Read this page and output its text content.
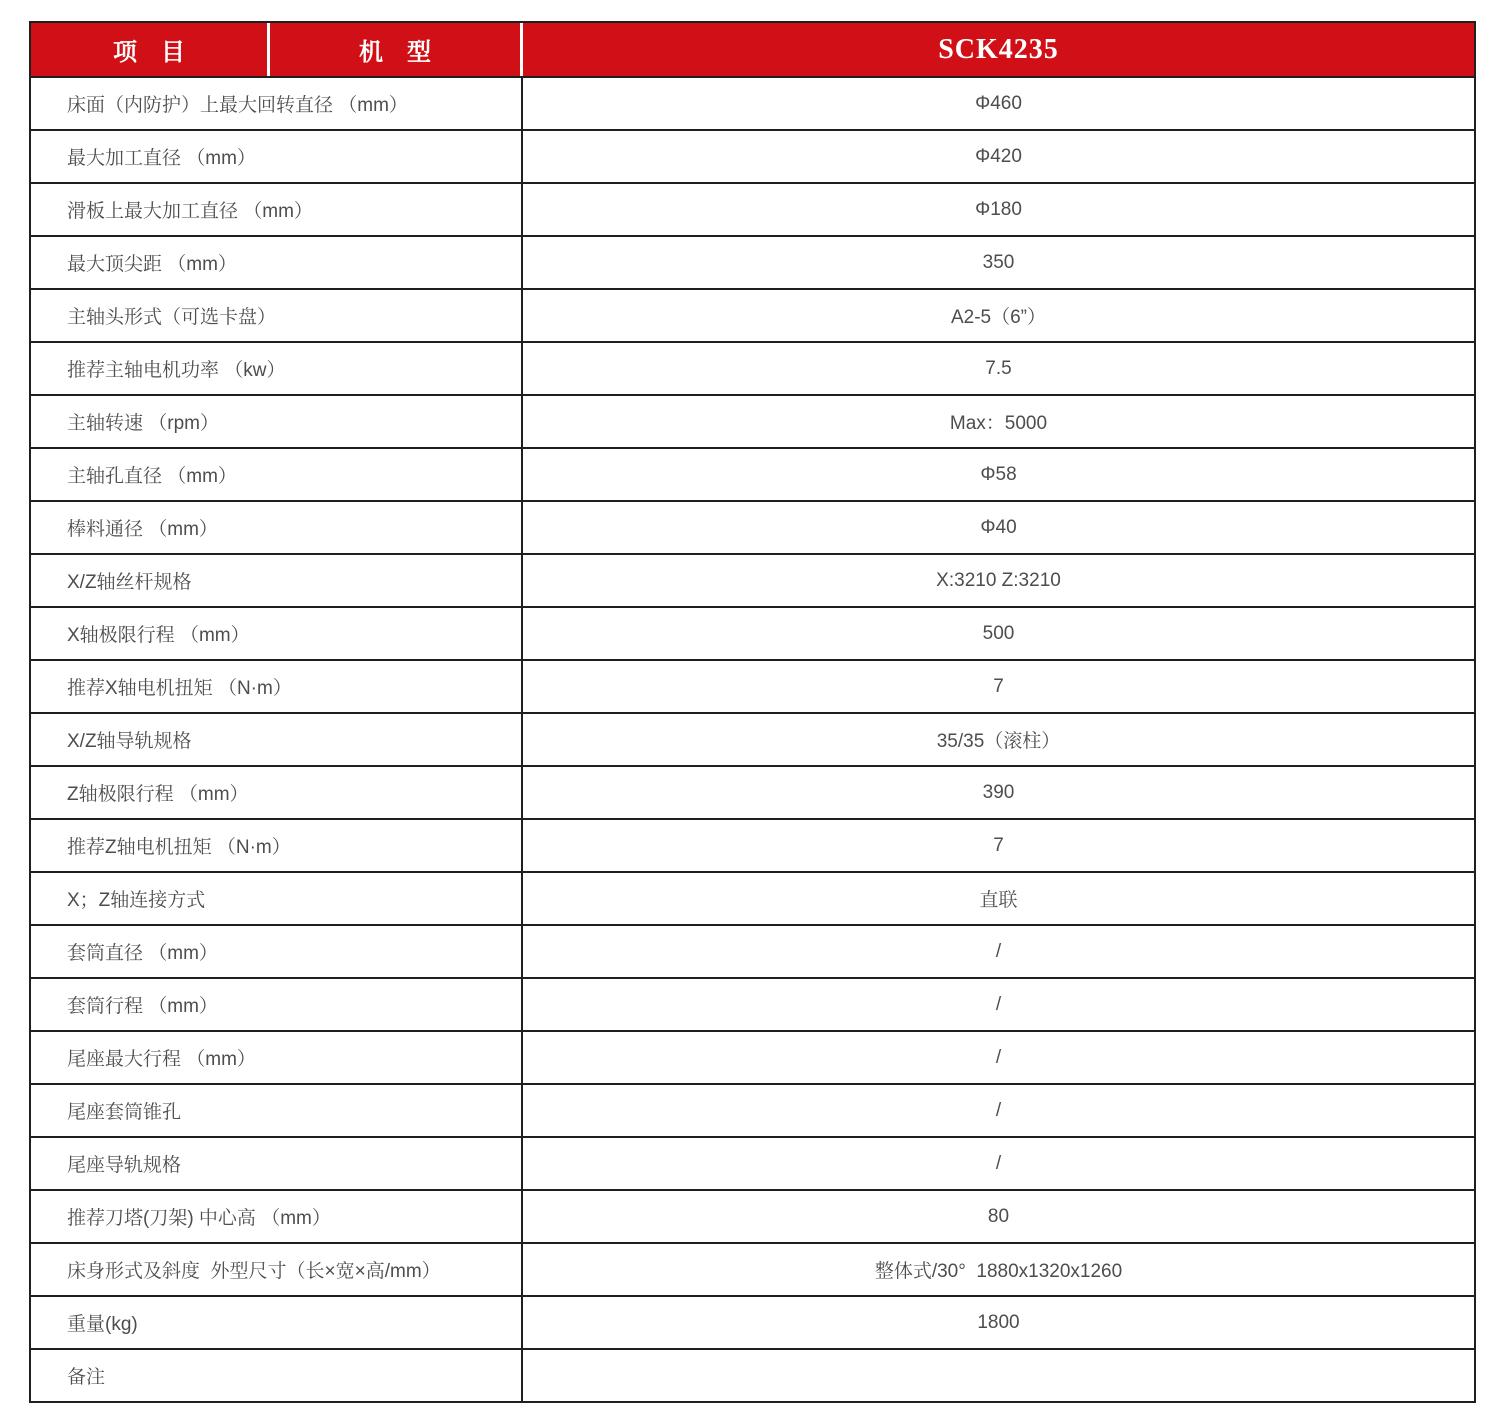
项　目	机　型	SCK4235
床面（内防护）上最大回转直径 （mm）	Φ460
最大加工直径 （mm）	Φ420
滑板上最大加工直径 （mm）	Φ180
最大顶尖距 （mm）	350
主轴头形式（可选卡盘）	A2-5（6”）
推荐主轴电机功率 （kw）	7.5
主轴转速 （rpm）	Max：5000
主轴孔直径 （mm）	Φ58
棒料通径 （mm）	Φ40
X/Z轴丝杆规格	X:3210 Z:3210
X轴极限行程 （mm）	500
推荐X轴电机扭矩 （N·m）	7
X/Z轴导轨规格	35/35（滚柱）
Z轴极限行程 （mm）	390
推荐Z轴电机扭矩 （N·m）	7
X；Z轴连接方式	直联
套筒直径 （mm）	/
套筒行程 （mm）	/
尾座最大行程 （mm）	/
尾座套筒锥孔	/
尾座导轨规格	/
推荐刀塔(刀架) 中心高 （mm）	80
床身形式及斜度  外型尺寸（长×宽×高/mm）	整体式/30°  1880x1320x1260
重量(kg)	1800
备注
